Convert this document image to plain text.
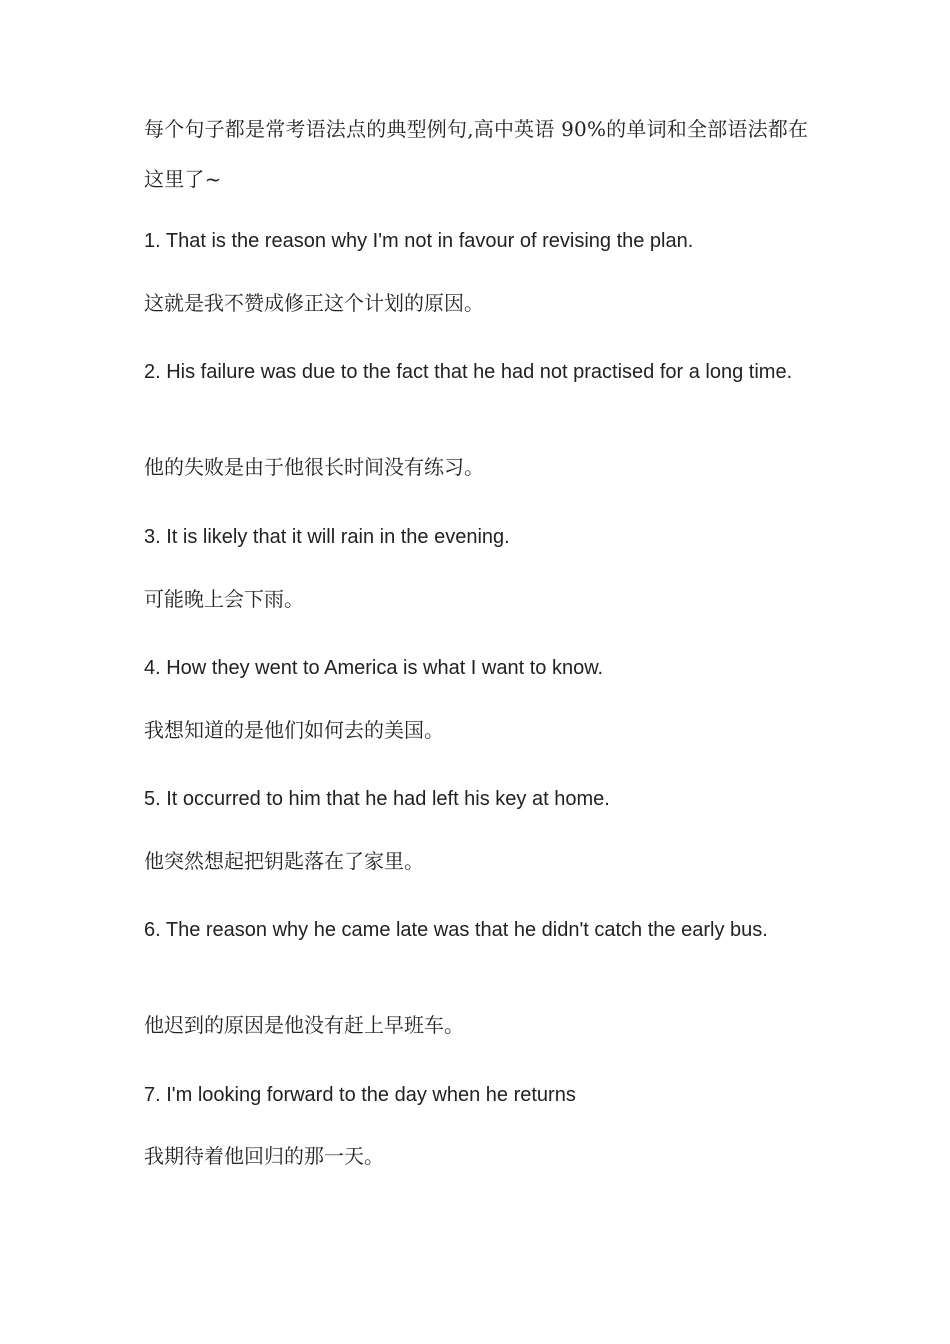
每个句子都是常考语法点的典型例句,高中英语 90%的单词和全部语法都在这里了~

1. That is the reason why I'm not in favour of revising the plan.

这就是我不赞成修正这个计划的原因。

2. His failure was due to the fact that he had not practised for a long time.

他的失败是由于他很长时间没有练习。

3. It is likely that it will rain in the evening.

可能晚上会下雨。

4. How they went to America is what I want to know.

我想知道的是他们如何去的美国。

5. It occurred to him that he had left his key at home.

他突然想起把钥匙落在了家里。

6. The reason why he came late was that he didn't catch the early bus.

他迟到的原因是他没有赶上早班车。

7. I'm looking forward to the day when he returns

我期待着他回归的那一天。
